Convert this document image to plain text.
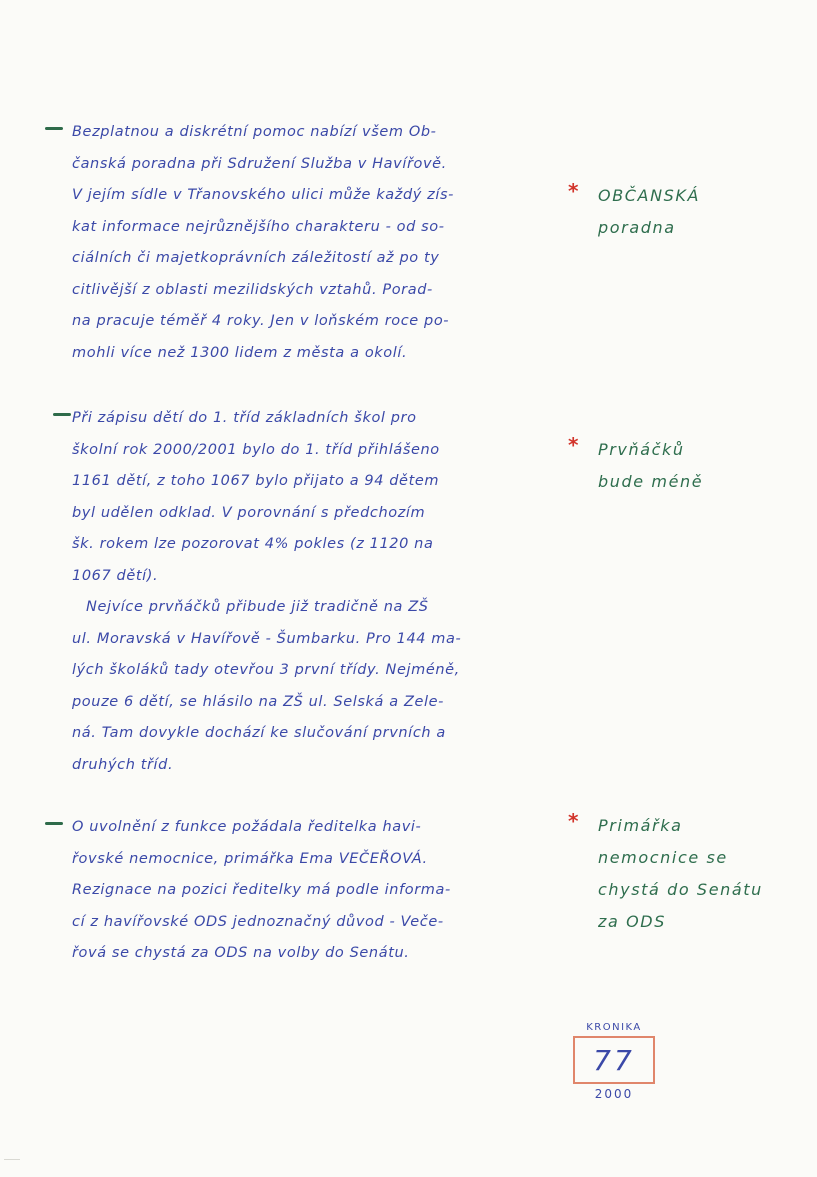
Bezplatnou a diskrétní pomoc nabízí všem Ob-
čanská poradna při Sdružení Služba v Havířově.
V jejím sídle v Třanovského ulici může každý zís-
kat informace nejrůznějšího charakteru - od so-
ciálních či majetkoprávních záležitostí až po ty
citlivější z oblasti mezilidských vztahů. Porad-
na pracuje téměř 4 roky. Jen v loňském roce po-
mohli více než 1300 lidem z města a okolí.
Při zápisu dětí do 1. tříd základních škol pro
školní rok 2000/2001 bylo do 1. tříd přihlášeno
1161 dětí, z toho 1067 bylo přijato a 94 dětem
byl udělen odklad. V porovnání s předchozím
šk. rokem lze pozorovat 4% pokles (z 1120 na
1067 dětí).
Nejvíce prvňáčků přibude již tradičně na ZŠ
ul. Moravská v Havířově - Šumbarku. Pro 144 ma-
lých školáků tady otevřou 3 první třídy. Nejméně,
pouze 6 dětí, se hlásilo na ZŠ ul. Selská a Zele-
ná. Tam dovykle dochází ke slučování prvních a
druhých tříd.
O uvolnění z funkce požádala ředitelka havi-
řovské nemocnice, primářka Ema VEČEŘOVÁ.
Rezignace na pozici ředitelky má podle informa-
cí z havířovské ODS jednoznačný důvod - Veče-
řová se chystá za ODS na volby do Senátu.
*	OBČANSKÁ
poradna
*	Prvňáčků
bude méně
*	Primářka
nemocnice se
chystá do Senátu
za ODS
KRONIKA
77
2000
